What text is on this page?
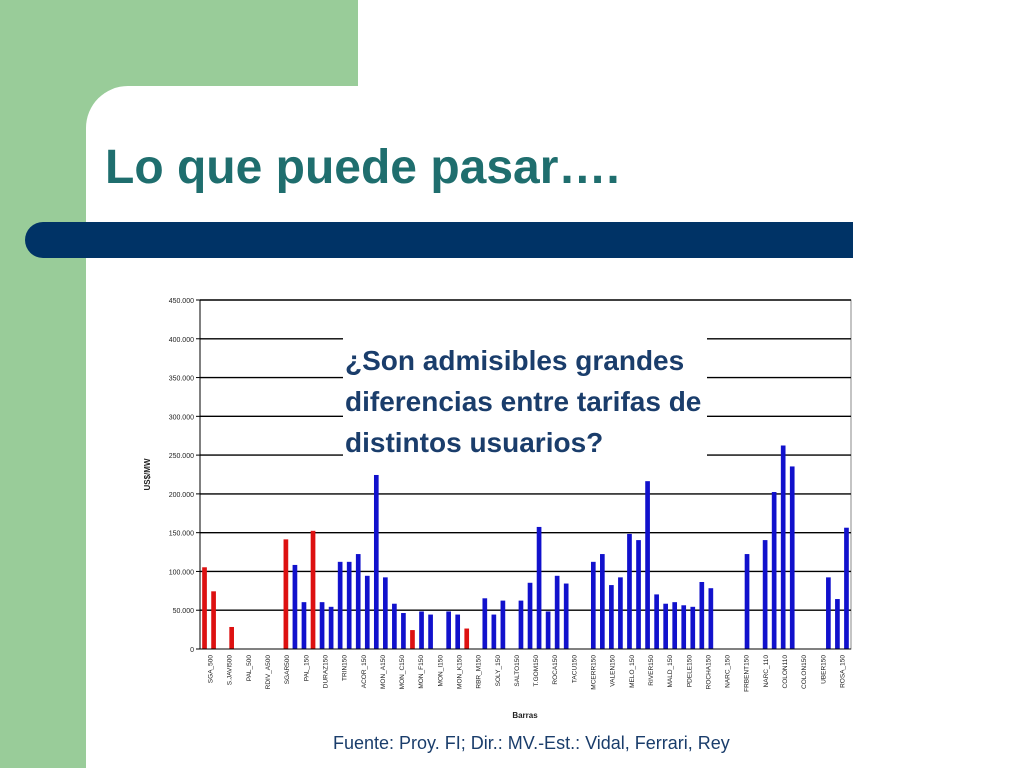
Lo que puede pasar….
0
50.000
100.000
150.000
200.000
250.000
300.000
350.000
400.000
450.000
SGA_500 S.JAVI500 PAL_500 RDIV_A500 SGAR500 PAL_150 DURAZ150 TRIN150 ACOR_150 MON_A150 MON_C150 MON_F150 MON_I150 MON_K150 RBR_M150 SOLY_150 SALTO150 T.GOM150 ROCA150 TACU150 MCERR150 VALEN150 MELO_150 RIVER150 MALD_150 PDELE150 ROCHA150 NARC_150 FRBENT150 NARC_110 COLON110 COLON150 UBER150 ROSA_150
US$/MW
Barras
¿Son admisibles grandes
diferencias entre tarifas de
distintos usuarios?
Fuente: Proy. FI; Dir.: MV.-Est.: Vidal, Ferrari, Rey
